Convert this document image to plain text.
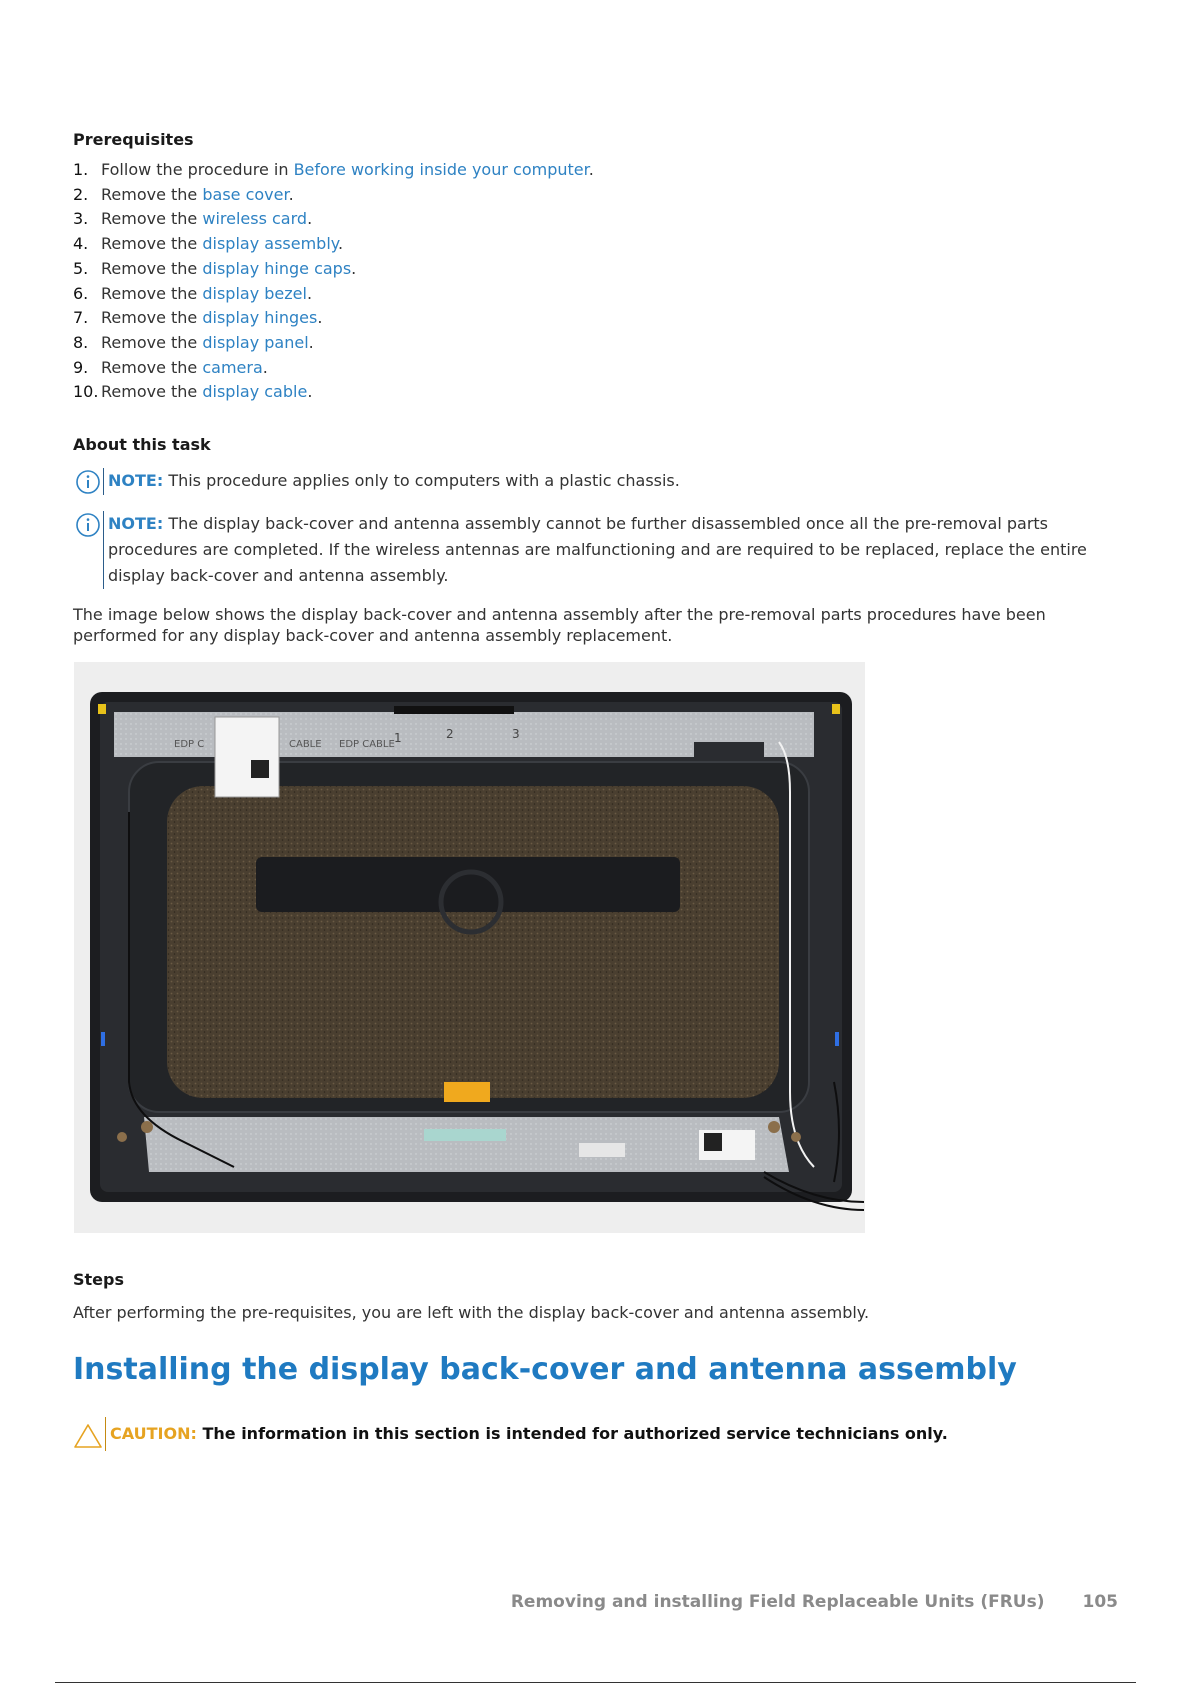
Prerequisites
1. Follow the procedure in Before working inside your computer.
2. Remove the base cover.
3. Remove the wireless card.
4. Remove the display assembly.
5. Remove the display hinge caps.
6. Remove the display bezel.
7. Remove the display hinges.
8. Remove the display panel.
9. Remove the camera.
10. Remove the display cable.
About this task
NOTE: This procedure applies only to computers with a plastic chassis.
NOTE: The display back-cover and antenna assembly cannot be further disassembled once all the pre-removal parts procedures are completed. If the wireless antennas are malfunctioning and are required to be replaced, replace the entire display back-cover and antenna assembly.

The image below shows the display back-cover and antenna assembly after the pre-removal parts procedures have been performed for any display back-cover and antenna assembly replacement.

EDP C	CABLE EDP CABLE 1	2	3
Steps

After performing the pre-requisites, you are left with the display back-cover and antenna assembly.

Installing the display back-cover and antenna assembly
CAUTION: The information in this section is intended for authorized service technicians only.
Removing and installing Field Replaceable Units (FRUs) 105
